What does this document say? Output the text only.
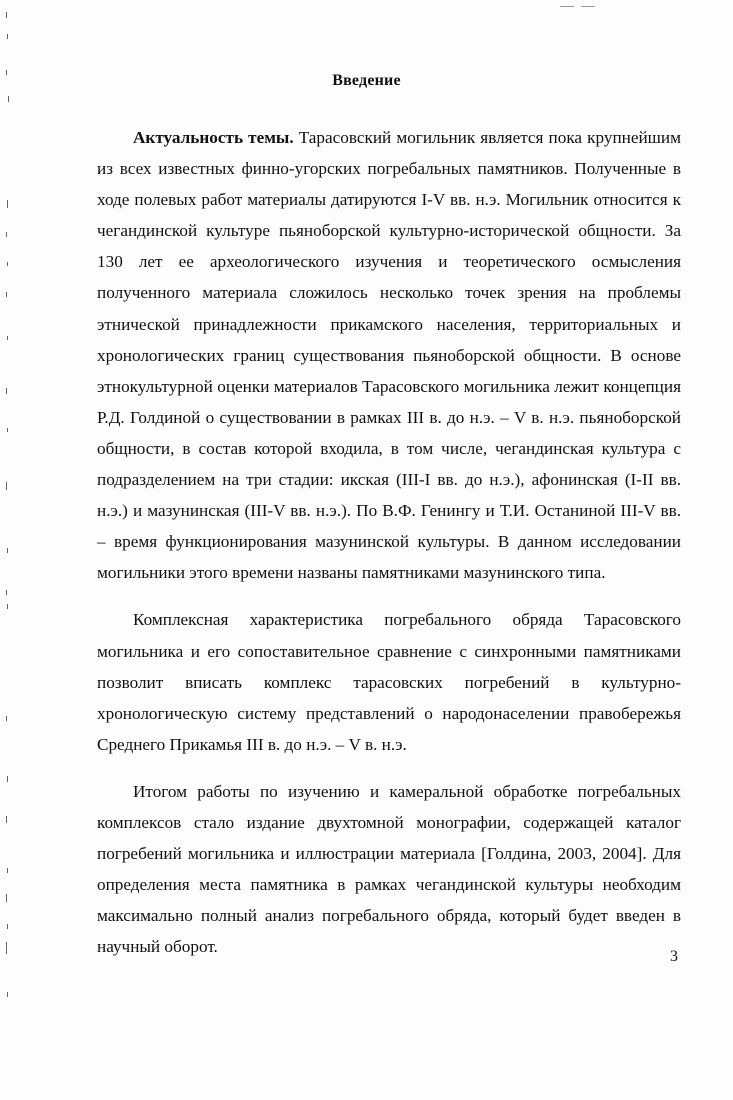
Введение

Актуальность темы. Тарасовский могильник является пока крупнейшим из всех известных финно-угорских погребальных памятников. Полученные в ходе полевых работ материалы датируются I-V вв. н.э. Могильник относится к чегандинской культуре пьяноборской культурно-исторической общности. За 130 лет ее археологического изучения и теоретического осмысления полученного материала сложилось несколько точек зрения на проблемы этнической принадлежности прикамского населения, территориальных и хронологических границ существования пьяноборской общности. В основе этнокультурной оценки материалов Тарасовского могильника лежит концепция Р.Д. Голдиной о существовании в рамках III в. до н.э. – V в. н.э. пьяноборской общности, в состав которой входила, в том числе, чегандинская культура с подразделением на три стадии: икская (III-I вв. до н.э.), афонинская (I-II вв. н.э.) и мазунинская (III-V вв. н.э.). По В.Ф. Генингу и Т.И. Останиной III-V вв. – время функционирования мазунинской культуры. В данном исследовании могильники этого времени названы памятниками мазунинского типа.

Комплексная характеристика погребального обряда Тарасовского могильника и его сопоставительное сравнение с синхронными памятниками позволит вписать комплекс тарасовских погребений в культурно-хронологическую систему представлений о народонаселении правобережья Среднего Прикамья III в. до н.э. – V в. н.э.

Итогом работы по изучению и камеральной обработке погребальных комплексов стало издание двухтомной монографии, содержащей каталог погребений могильника и иллюстрации материала [Голдина, 2003, 2004]. Для определения места памятника в рамках чегандинской культуры необходим максимально полный анализ погребального обряда, который будет введен в научный оборот.

3
